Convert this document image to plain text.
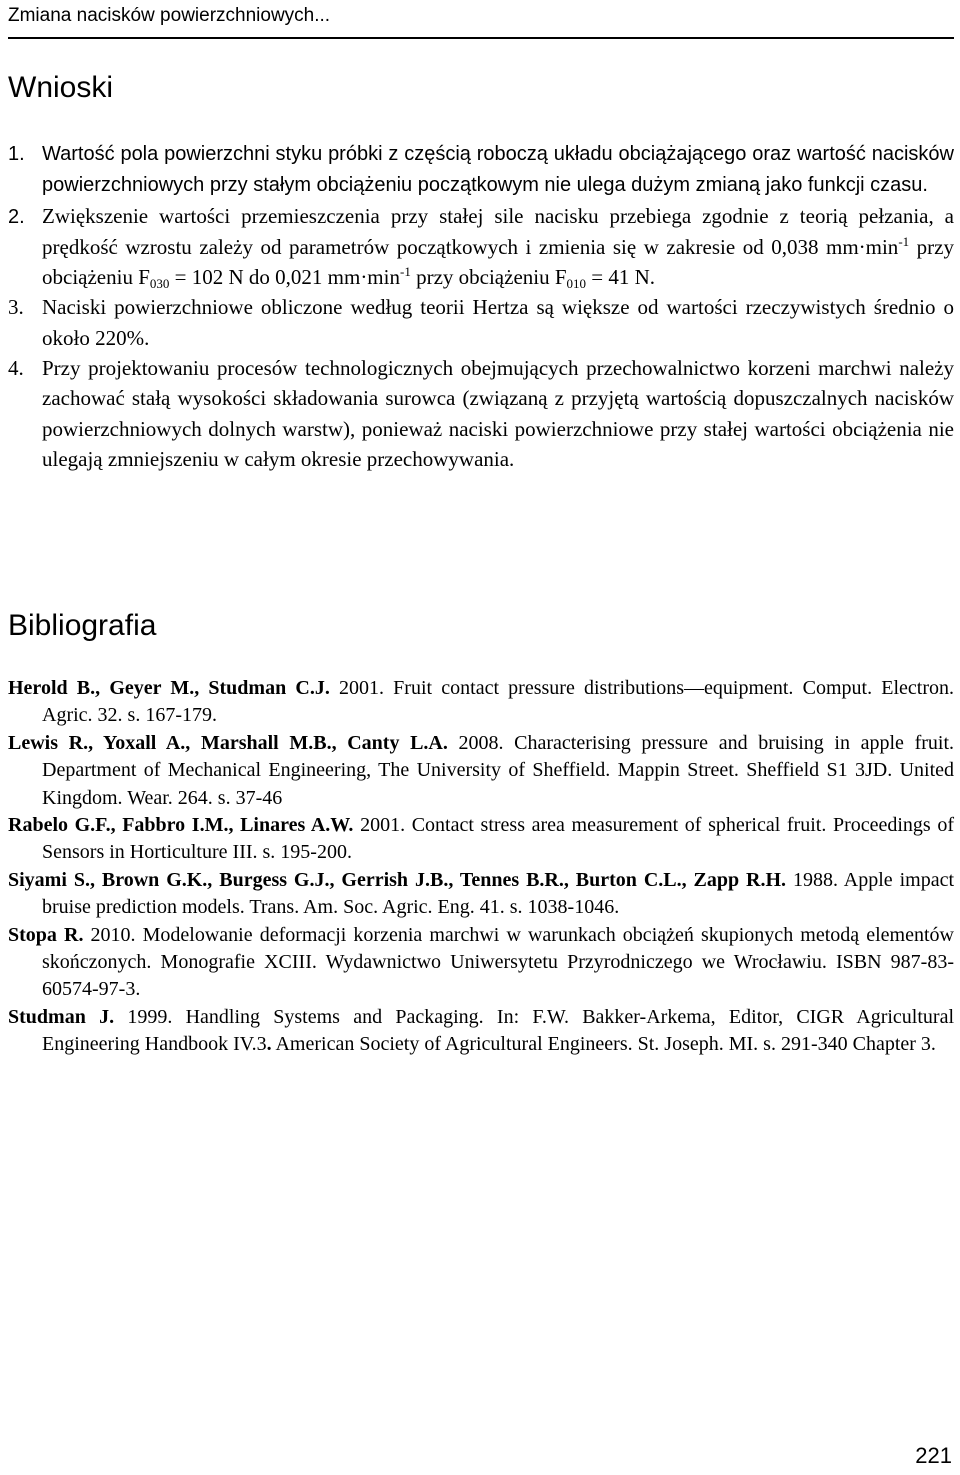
Zmiana nacisków powierzchniowych...
Wnioski

1. Wartość pola powierzchni styku próbki z częścią roboczą układu obciążającego oraz wartość nacisków powierzchniowych przy stałym obciążeniu początkowym nie ulega dużym zmianą jako funkcji czasu.

2. Zwiększenie wartości przemieszczenia przy stałej sile nacisku przebiega zgodnie z teorią pełzania, a prędkość wzrostu zależy od parametrów początkowych i zmienia się w zakresie od 0,038 $mm\cdot\min^{-1}$ przy obciążeniu $F_{030} = 102$ N do 0,021 $mm\cdot\min^{-1}$ przy obciążeniu $F_{010} = 41$ N.

3. Naciski powierzchniowe obliczone według teorii Hertza są większe od wartości rzeczywistych średnio o około 220%.

4. Przy projektowaniu procesów technologicznych obejmujących przechowalnictwo korzeni marchwi należy zachować stałą wysokości składowania surowca (związaną z przyjętą wartością dopuszczalnych nacisków powierzchniowych dolnych warstw), ponieważ naciski powierzchniowe przy stałej wartości obciążenia nie ulegają zmniejszeniu w całym okresie przechowywania.

Bibliografia

Herold B., Geyer M., Studman C.J. 2001. Fruit contact pressure distributions—equipment. Comput. Electron. Agric. 32. s. 167-179.

Lewis R., Yoxall A., Marshall M.B., Canty L.A. 2008. Characterising pressure and bruising in apple fruit. Department of Mechanical Engineering, The University of Sheffield. Mappin Street. Sheffield S1 3JD. United Kingdom. Wear. 264. s. 37-46

Rabelo G.F., Fabbro I.M., Linares A.W. 2001. Contact stress area measurement of spherical fruit. Proceedings of Sensors in Horticulture III. s. 195-200.

Siyami S., Brown G.K., Burgess G.J., Gerrish J.B., Tennes B.R., Burton C.L., Zapp R.H. 1988. Apple impact bruise prediction models. Trans. Am. Soc. Agric. Eng. 41. s. 1038-1046.

Stopa R. 2010. Modelowanie deformacji korzenia marchwi w warunkach obciążeń skupionych metodą elementów skończonych. Monografie XCIII. Wydawnictwo Uniwersytetu Przyrodniczego we Wrocławiu. ISBN 987-83-60574-97-3.

Studman J. 1999. Handling Systems and Packaging. In: F.W. Bakker-Arkema, Editor, CIGR Agricultural Engineering Handbook IV.3. American Society of Agricultural Engineers. St. Joseph. MI. s. 291-340 Chapter 3.

221
